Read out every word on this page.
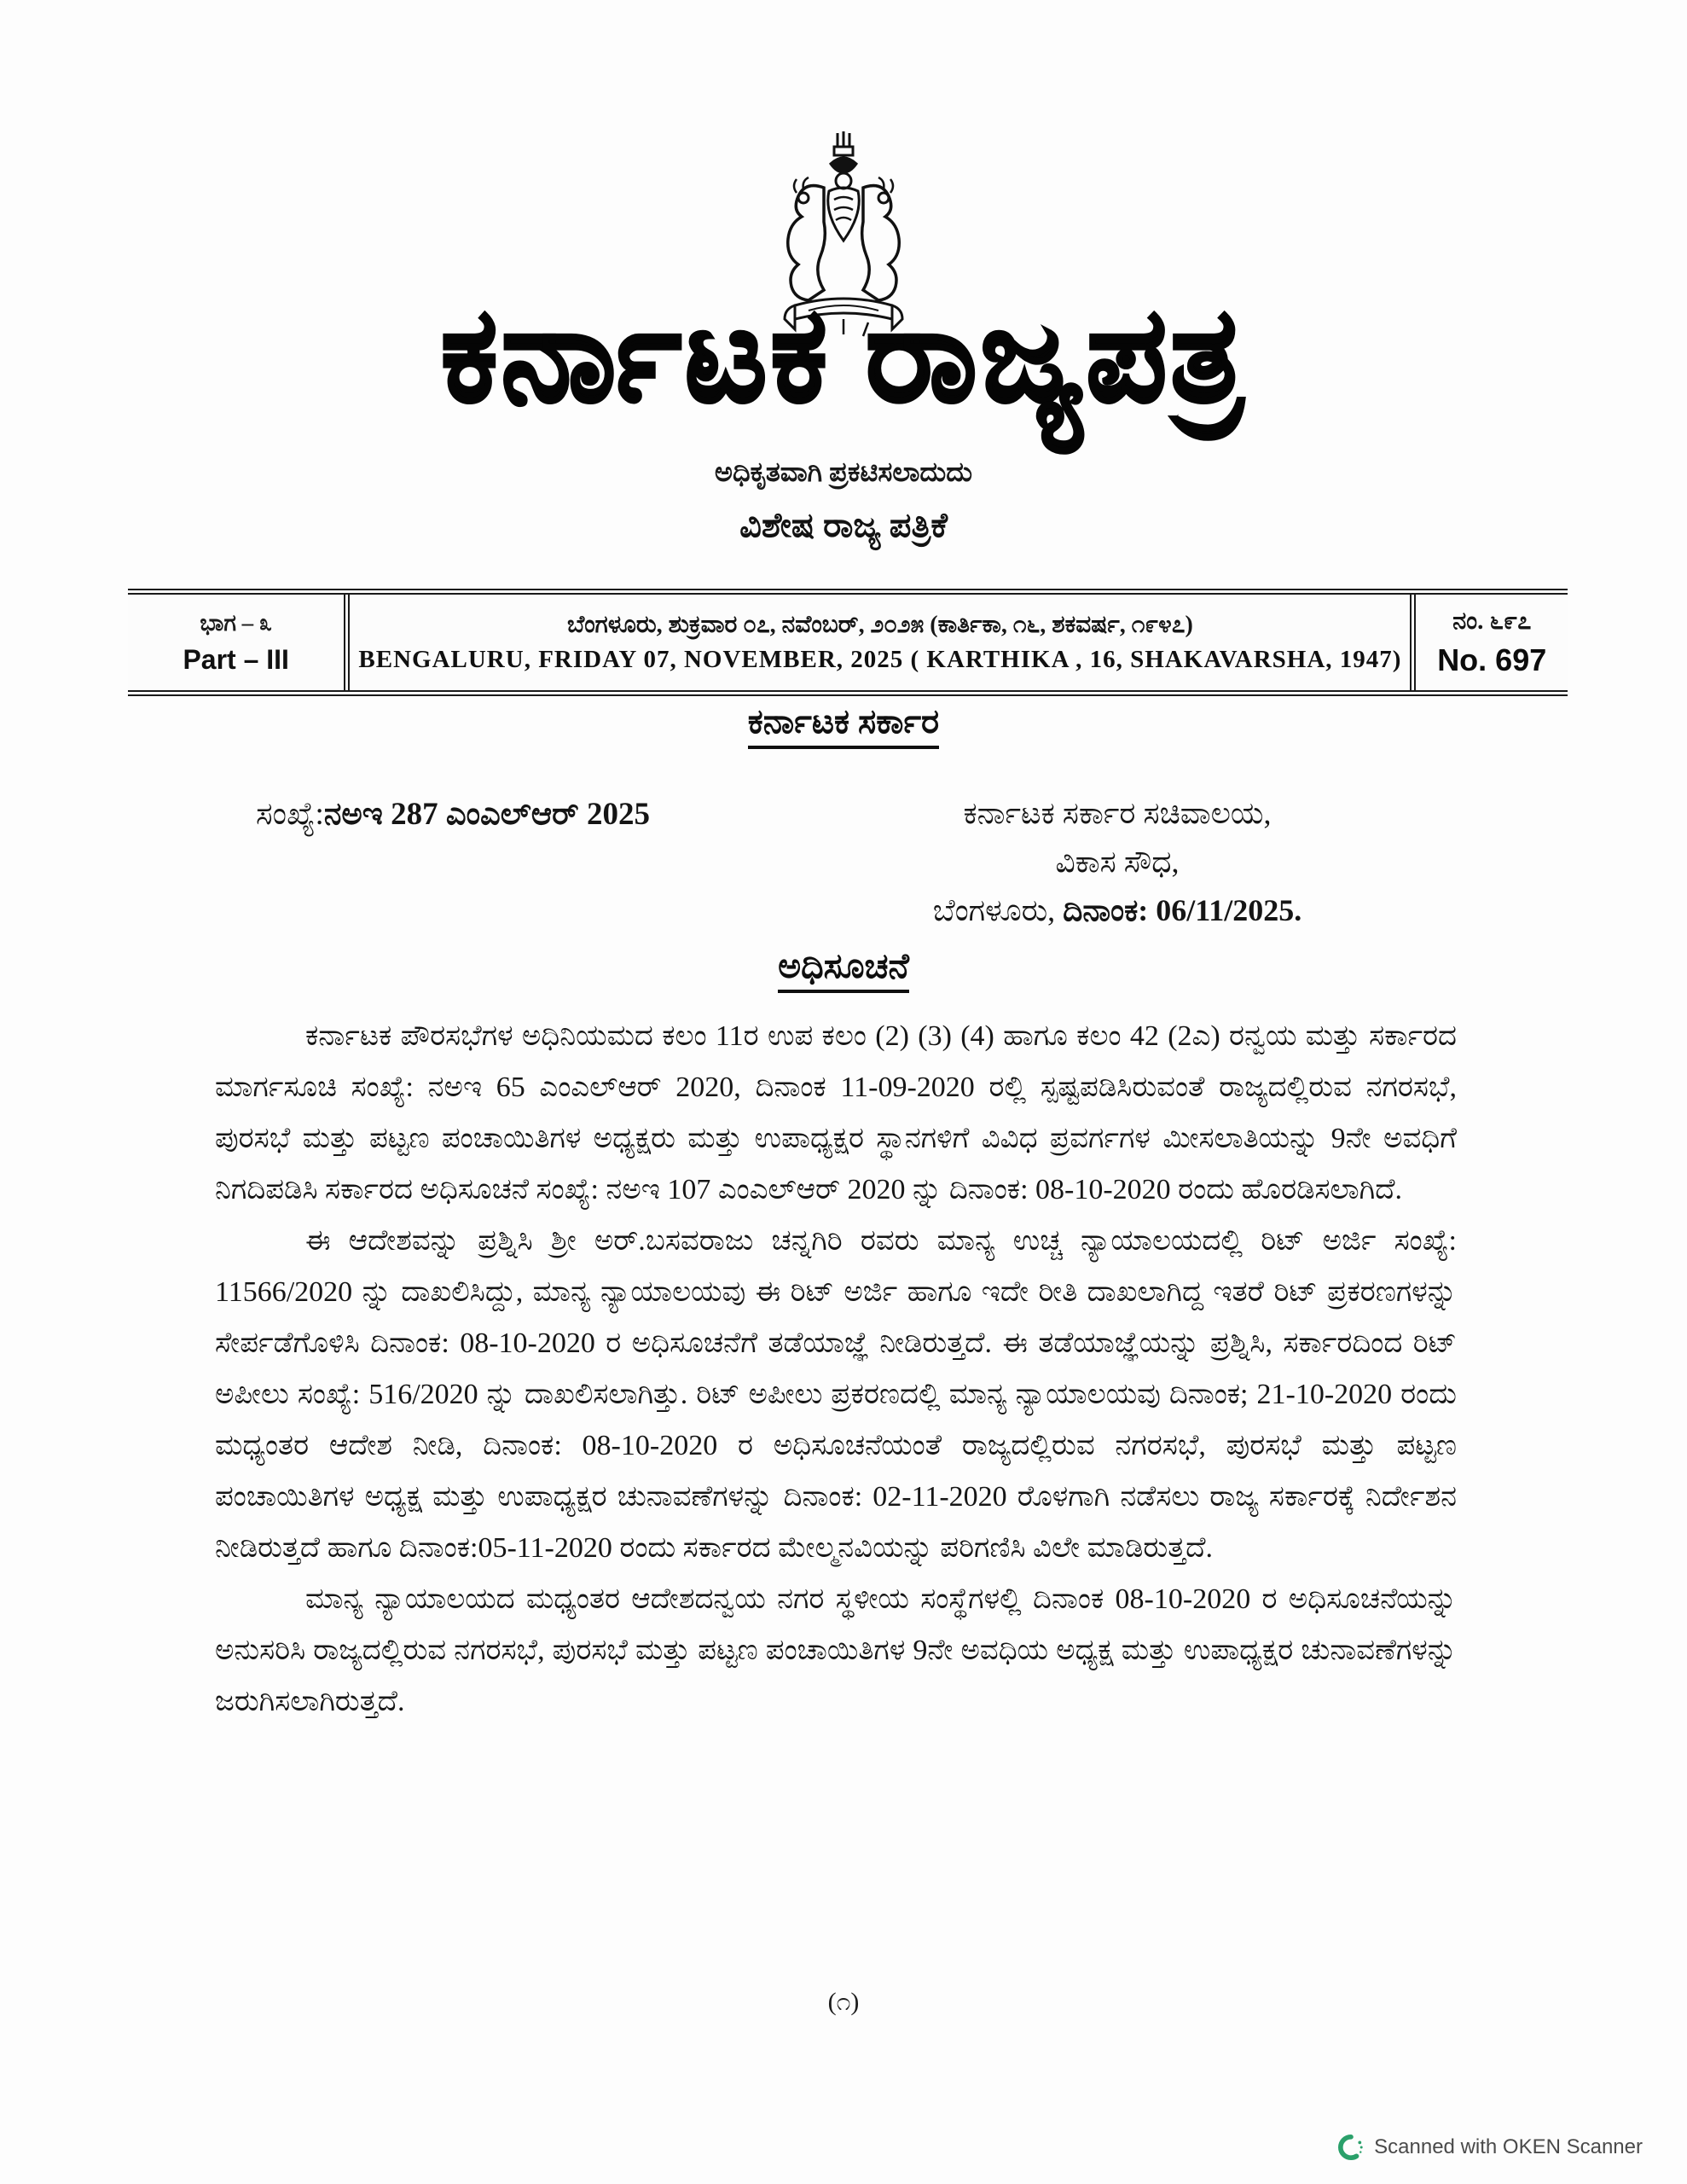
ಕರ್ನಾಟಕ ರಾಜ್ಯಪತ್ರ
ಅಧಿಕೃತವಾಗಿ ಪ್ರಕಟಿಸಲಾದುದು
ವಿಶೇಷ ರಾಜ್ಯ ಪತ್ರಿಕೆ
ಭಾಗ – ೩
Part – III
ಬೆಂಗಳೂರು, ಶುಕ್ರವಾರ ೦೭, ನವೆಂಬರ್, ೨೦೨೫ (ಕಾರ್ತಿಕಾ, ೧೬, ಶಕವರ್ಷ, ೧೯೪೭)
BENGALURU, FRIDAY 07, NOVEMBER, 2025 ( KARTHIKA , 16, SHAKAVARSHA, 1947)
ನಂ. ೬೯೭
No. 697
ಕರ್ನಾಟಕ ಸರ್ಕಾರ
ಸಂಖ್ಯೆ:ನಅಇ 287 ಎಂಎಲ್ಆರ್ 2025	ಕರ್ನಾಟಕ ಸರ್ಕಾರ ಸಚಿವಾಲಯ,
ವಿಕಾಸ ಸೌಧ,
ಬೆಂಗಳೂರು, ದಿನಾಂಕ: 06/11/2025.
ಅಧಿಸೂಚನೆ

ಕರ್ನಾಟಕ ಪೌರಸಭೆಗಳ ಅಧಿನಿಯಮದ ಕಲಂ 11ರ ಉಪ ಕಲಂ (2) (3) (4) ಹಾಗೂ ಕಲಂ 42 (2ಎ) ರನ್ವಯ ಮತ್ತು ಸರ್ಕಾರದ ಮಾರ್ಗಸೂಚಿ ಸಂಖ್ಯೆ: ನಅಇ 65 ಎಂಎಲ್‌ಆರ್ 2020, ದಿನಾಂಕ 11-09-2020 ರಲ್ಲಿ ಸ್ಪಷ್ಟಪಡಿಸಿರುವಂತೆ ರಾಜ್ಯದಲ್ಲಿರುವ ನಗರಸಭೆ, ಪುರಸಭೆ ಮತ್ತು ಪಟ್ಟಣ ಪಂಚಾಯಿತಿಗಳ ಅಧ್ಯಕ್ಷರು ಮತ್ತು ಉಪಾಧ್ಯಕ್ಷರ ಸ್ಥಾನಗಳಿಗೆ ವಿವಿಧ ಪ್ರವರ್ಗಗಳ ಮೀಸಲಾತಿಯನ್ನು 9ನೇ ಅವಧಿಗೆ ನಿಗದಿಪಡಿಸಿ ಸರ್ಕಾರದ ಅಧಿಸೂಚನೆ ಸಂಖ್ಯೆ: ನಅಇ 107 ಎಂಎಲ್‌ಆರ್ 2020 ನ್ನು ದಿನಾಂಕ: 08-10-2020 ರಂದು ಹೊರಡಿಸಲಾಗಿದೆ.

ಈ ಆದೇಶವನ್ನು ಪ್ರಶ್ನಿಸಿ ಶ್ರೀ ಅರ್.ಬಸವರಾಜು ಚನ್ನಗಿರಿ ರವರು ಮಾನ್ಯ ಉಚ್ಚ ನ್ಯಾಯಾಲಯದಲ್ಲಿ ರಿಟ್ ಅರ್ಜಿ ಸಂಖ್ಯೆ: 11566/2020 ನ್ನು ದಾಖಲಿಸಿದ್ದು, ಮಾನ್ಯ ನ್ಯಾಯಾಲಯವು ಈ ರಿಟ್ ಅರ್ಜಿ ಹಾಗೂ ಇದೇ ರೀತಿ ದಾಖಲಾಗಿದ್ದ ಇತರೆ ರಿಟ್ ಪ್ರಕರಣಗಳನ್ನು ಸೇರ್ಪಡೆಗೊಳಿಸಿ ದಿನಾಂಕ: 08-10-2020 ರ ಅಧಿಸೂಚನೆಗೆ ತಡೆಯಾಜ್ಞೆ ನೀಡಿರುತ್ತದೆ. ಈ ತಡೆಯಾಜ್ಞೆಯನ್ನು ಪ್ರಶ್ನಿಸಿ, ಸರ್ಕಾರದಿಂದ ರಿಟ್ ಅಪೀಲು ಸಂಖ್ಯೆ: 516/2020 ನ್ನು ದಾಖಲಿಸಲಾಗಿತ್ತು. ರಿಟ್ ಅಪೀಲು ಪ್ರಕರಣದಲ್ಲಿ ಮಾನ್ಯ ನ್ಯಾಯಾಲಯವು ದಿನಾಂಕ; 21-10-2020 ರಂದು ಮಧ್ಯಂತರ ಆದೇಶ ನೀಡಿ, ದಿನಾಂಕ: 08-10-2020 ರ ಅಧಿಸೂಚನೆಯಂತೆ ರಾಜ್ಯದಲ್ಲಿರುವ ನಗರಸಭೆ, ಪುರಸಭೆ ಮತ್ತು ಪಟ್ಟಣ ಪಂಚಾಯಿತಿಗಳ ಅಧ್ಯಕ್ಷ ಮತ್ತು ಉಪಾಧ್ಯಕ್ಷರ ಚುನಾವಣೆಗಳನ್ನು ದಿನಾಂಕ: 02-11-2020 ರೊಳಗಾಗಿ ನಡೆಸಲು ರಾಜ್ಯ ಸರ್ಕಾರಕ್ಕೆ ನಿರ್ದೇಶನ ನೀಡಿರುತ್ತದೆ ಹಾಗೂ ದಿನಾಂಕ:05-11-2020 ರಂದು ಸರ್ಕಾರದ ಮೇಲ್ಮನವಿಯನ್ನು ಪರಿಗಣಿಸಿ ವಿಲೇ ಮಾಡಿರುತ್ತದೆ.

ಮಾನ್ಯ ನ್ಯಾಯಾಲಯದ ಮಧ್ಯಂತರ ಆದೇಶದನ್ವಯ ನಗರ ಸ್ಥಳೀಯ ಸಂಸ್ಥೆಗಳಲ್ಲಿ ದಿನಾಂಕ 08-10-2020 ರ ಅಧಿಸೂಚನೆಯನ್ನು ಅನುಸರಿಸಿ ರಾಜ್ಯದಲ್ಲಿರುವ ನಗರಸಭೆ, ಪುರಸಭೆ ಮತ್ತು ಪಟ್ಟಣ ಪಂಚಾಯಿತಿಗಳ 9ನೇ ಅವಧಿಯ ಅಧ್ಯಕ್ಷ ಮತ್ತು ಉಪಾಧ್ಯಕ್ಷರ ಚುನಾವಣೆಗಳನ್ನು ಜರುಗಿಸಲಾಗಿರುತ್ತದೆ.

(೧)
Scanned with OKEN Scanner
